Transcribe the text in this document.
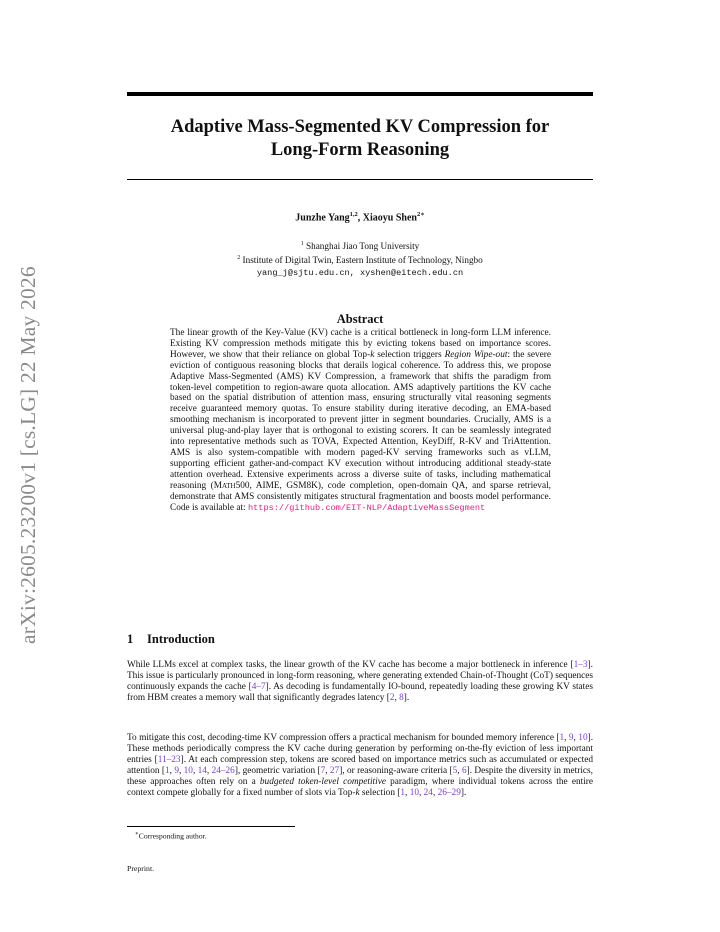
arXiv:2605.23200v1 [cs.LG] 22 May 2026
Adaptive Mass-Segmented KV Compression for
Long-Form Reasoning
Junzhe Yang$^{1,2}$, Xiaoyu Shen$^{2∗}$
$^1$ Shanghai Jiao Tong University
$^2$ Institute of Digital Twin, Eastern Institute of Technology, Ningbo
yang_j@sjtu.edu.cn, xyshen@eitech.edu.cn
Abstract

The linear growth of the Key-Value (KV) cache is a critical bottleneck in long-form LLM inference. Existing KV compression methods mitigate this by evicting tokens based on importance scores. However, we show that their reliance on global Top-k selection triggers Region Wipe-out: the severe eviction of contiguous reasoning blocks that derails logical coherence. To address this, we propose Adaptive Mass-Segmented (AMS) KV Compression, a framework that shifts the paradigm from token-level competition to region-aware quota allocation. AMS adaptively partitions the KV cache based on the spatial distribution of attention mass, ensuring structurally vital reasoning segments receive guaranteed memory quotas. To ensure stability during iterative decoding, an EMA-based smoothing mechanism is incorporated to prevent jitter in segment boundaries. Crucially, AMS is a universal plug-and-play layer that is orthogonal to existing scorers. It can be seamlessly integrated into representative methods such as TOVA, Expected Attention, KeyDiff, R-KV and TriAttention. AMS is also system-compatible with modern paged-KV serving frameworks such as vLLM, supporting efficient gather-and-compact KV execution without introducing additional steady-state attention overhead. Extensive experiments across a diverse suite of tasks, including mathematical reasoning (Math500, AIME, GSM8K), code completion, open-domain QA, and sparse retrieval, demonstrate that AMS consistently mitigates structural fragmentation and boosts model performance. Code is available at: https://github.com/EIT-NLP/AdaptiveMassSegment

1 Introduction

While LLMs excel at complex tasks, the linear growth of the KV cache has become a major bottleneck in inference [1–3]. This issue is particularly pronounced in long-form reasoning, where generating extended Chain-of-Thought (CoT) sequences continuously expands the cache [4–7]. As decoding is fundamentally IO-bound, repeatedly loading these growing KV states from HBM creates a memory wall that significantly degrades latency [2, 8].

To mitigate this cost, decoding-time KV compression offers a practical mechanism for bounded memory inference [1, 9, 10]. These methods periodically compress the KV cache during generation by performing on-the-fly eviction of less important entries [11–23]. At each compression step, tokens are scored based on importance metrics such as accumulated or expected attention [1, 9, 10, 14, 24–26], geometric variation [7, 27], or reasoning-aware criteria [5, 6]. Despite the diversity in metrics, these approaches often rely on a budgeted token-level competitive paradigm, where individual tokens across the entire context compete globally for a fixed number of slots via Top-k selection [1, 10, 24, 26–29].

∗Corresponding author.
Preprint.
